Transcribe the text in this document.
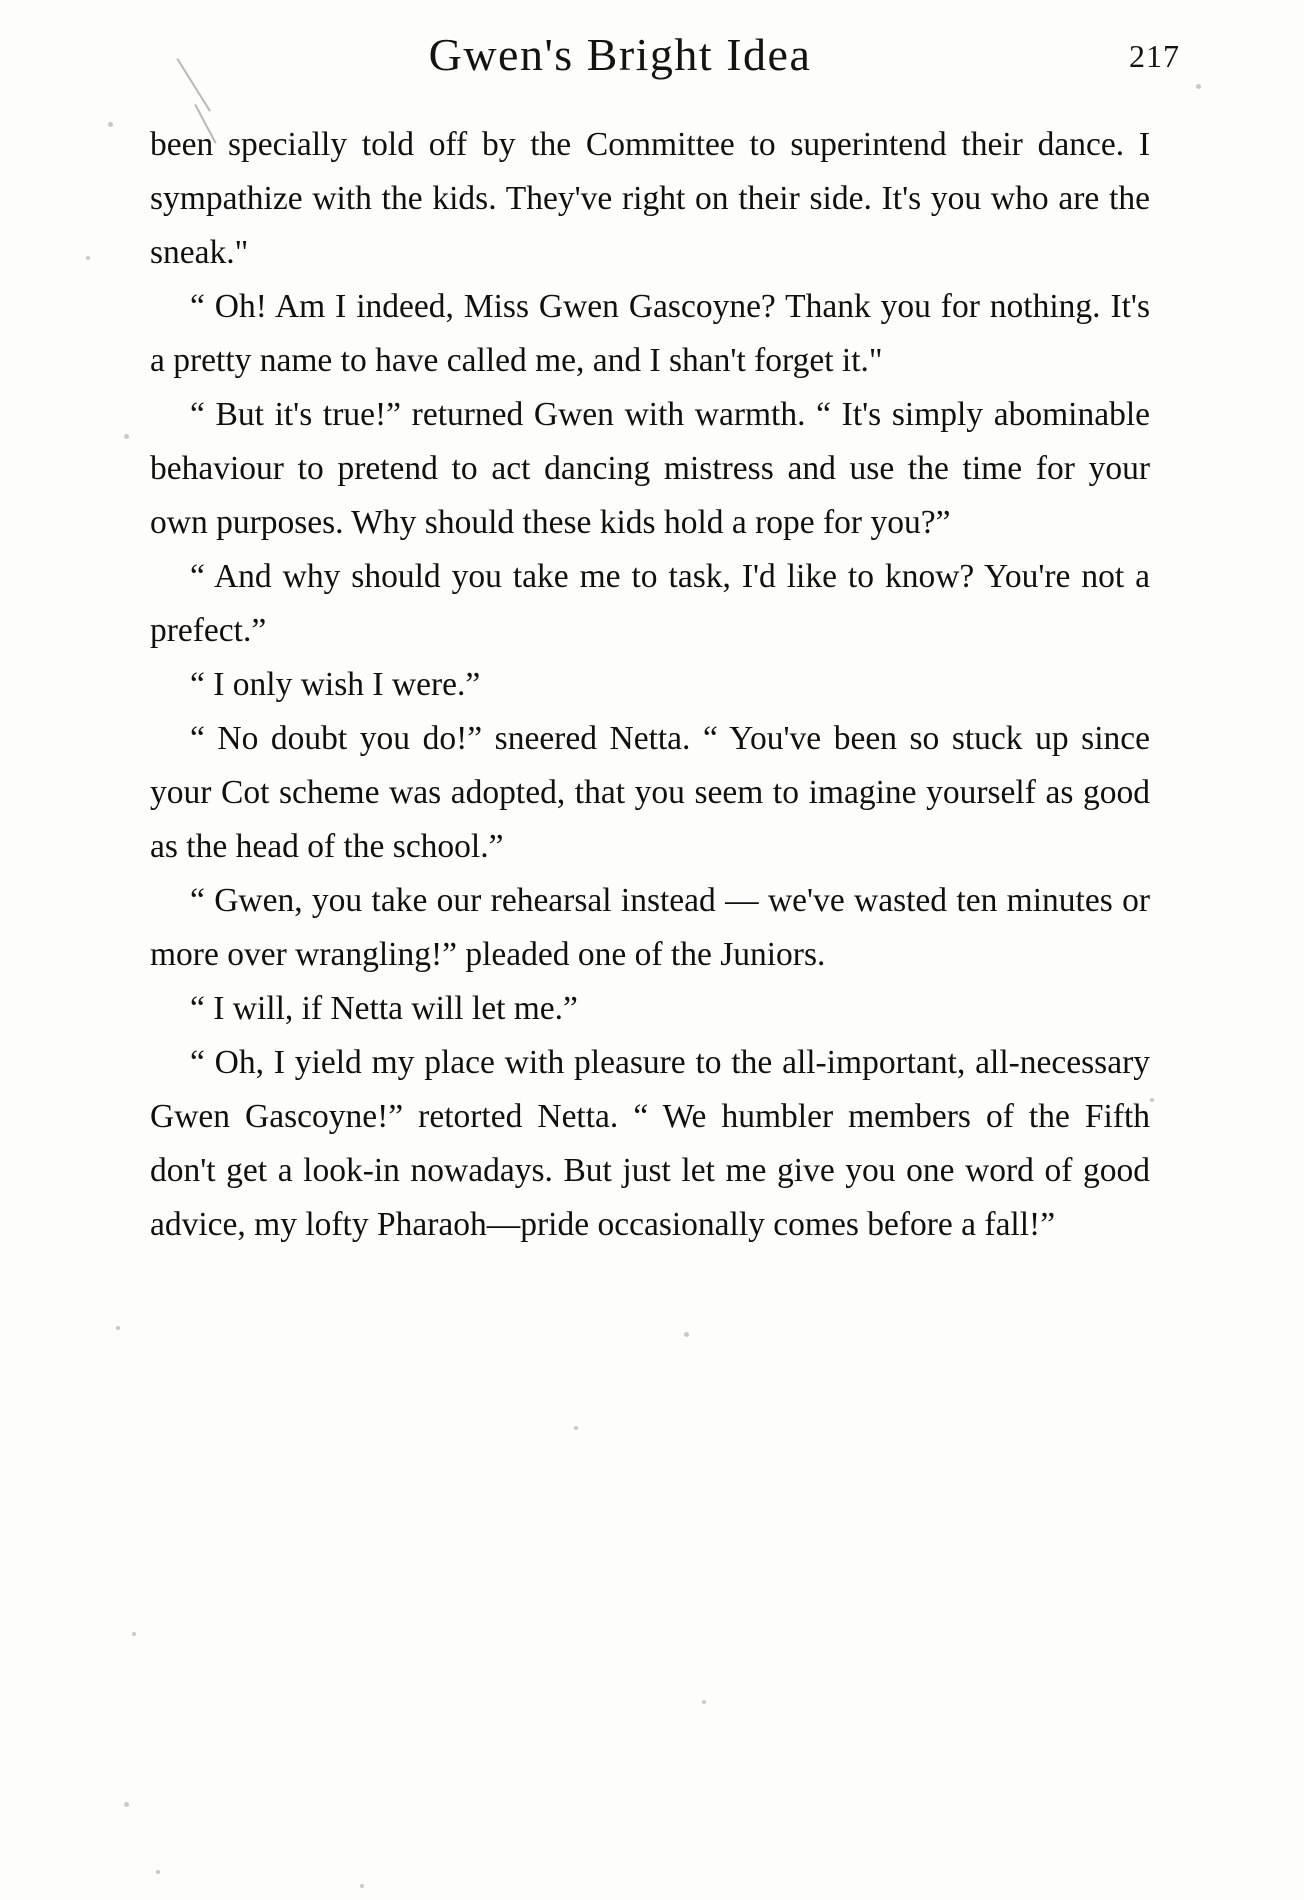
Gwen's Bright Idea	217

been specially told off by the Committee to superintend their dance. I sympathize with the kids. They've right on their side. It's you who are the sneak."

“ Oh! Am I indeed, Miss Gwen Gascoyne? Thank you for nothing. It's a pretty name to have called me, and I shan't forget it."

“ But it's true!” returned Gwen with warmth. “ It's simply abominable behaviour to pretend to act dancing mistress and use the time for your own purposes. Why should these kids hold a rope for you?”

“ And why should you take me to task, I'd like to know? You're not a prefect.”

“ I only wish I were.”

“ No doubt you do!” sneered Netta. “ You've been so stuck up since your Cot scheme was adopted, that you seem to imagine yourself as good as the head of the school.”

“ Gwen, you take our rehearsal instead — we've wasted ten minutes or more over wrangling!” pleaded one of the Juniors.

“ I will, if Netta will let me.”

“ Oh, I yield my place with pleasure to the all-important, all-necessary Gwen Gascoyne!” retorted Netta. “ We humbler members of the Fifth don't get a look-in nowadays. But just let me give you one word of good advice, my lofty Pharaoh—pride occasionally comes before a fall!”
